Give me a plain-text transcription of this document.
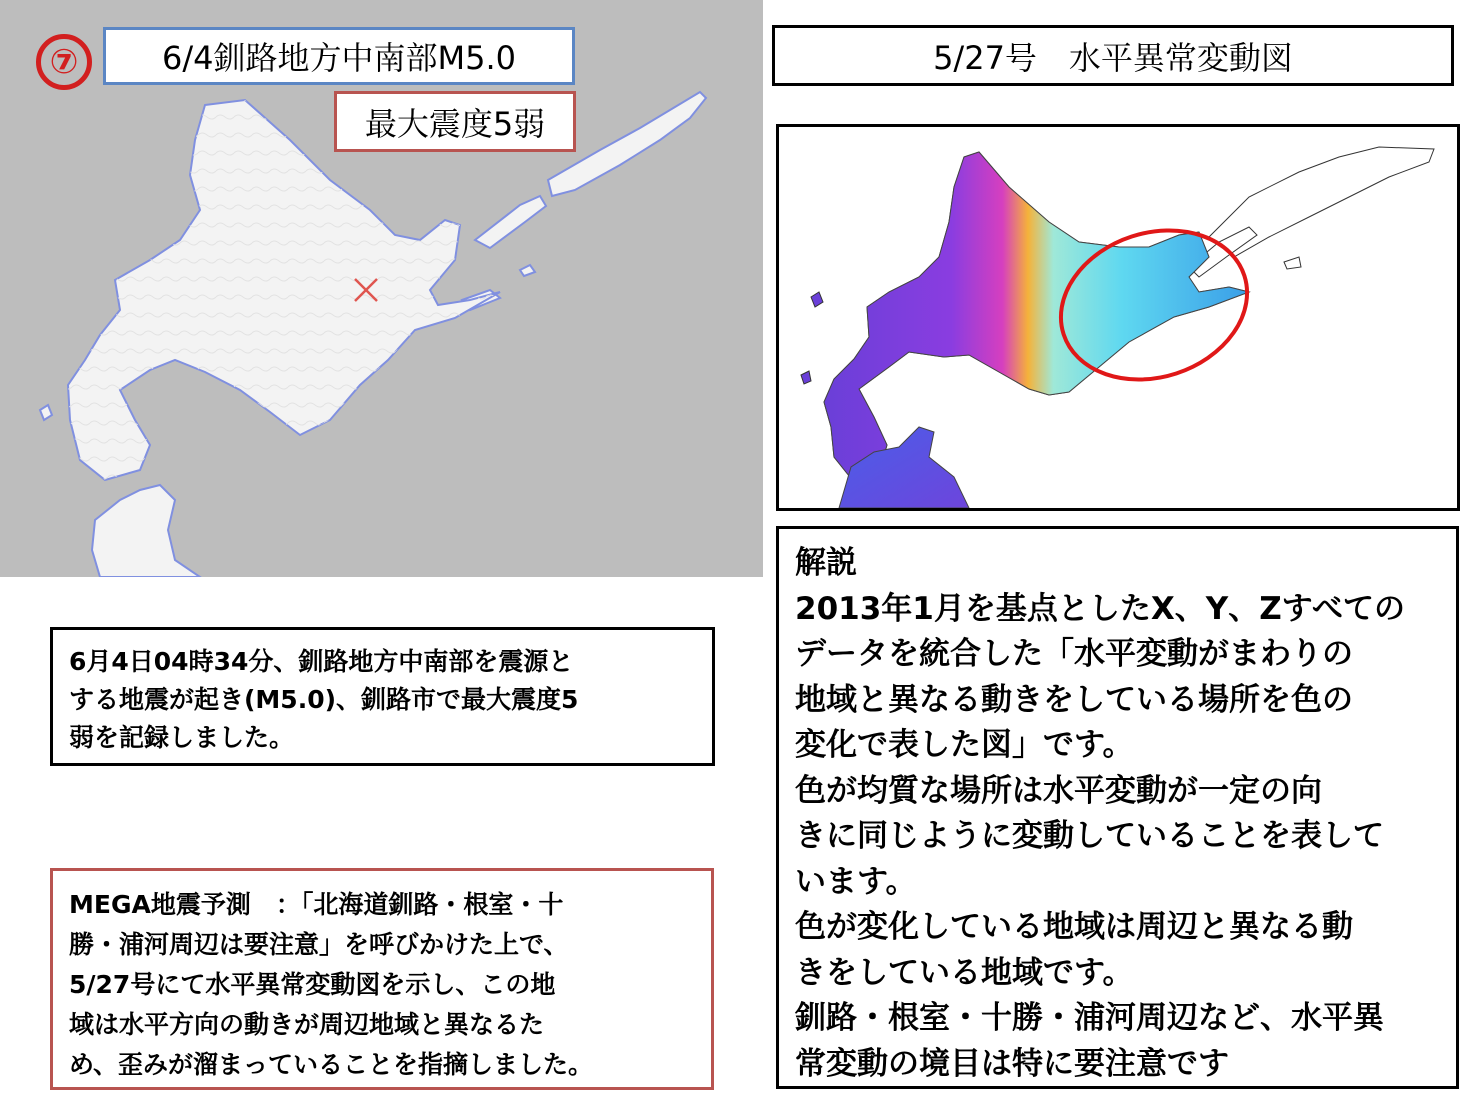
⑦	6/4釧路地方中南部M5.0
最大震度5弱
5/27号　水平異常変動図
6月4日04時34分、釧路地方中南部を震源と
する地震が起き(M5.0)、釧路市で最大震度5
弱を記録しました。
MEGA地震予測　：「北海道釧路・根室・十
勝・浦河周辺は要注意」を呼びかけた上で、
5/27号にて水平異常変動図を示し、この地
域は水平方向の動きが周辺地域と異なるた
め、歪みが溜まっていることを指摘しました。

解説

2013年1月を基点としたX、Y、Zすべての
データを統合した「水平変動がまわりの
地域と異なる動きをしている場所を色の
変化で表した図」です。
色が均質な場所は水平変動が一定の向
きに同じように変動していることを表して
います。
色が変化している地域は周辺と異なる動
きをしている地域です。
釧路・根室・十勝・浦河周辺など、水平異
常変動の境目は特に要注意です
